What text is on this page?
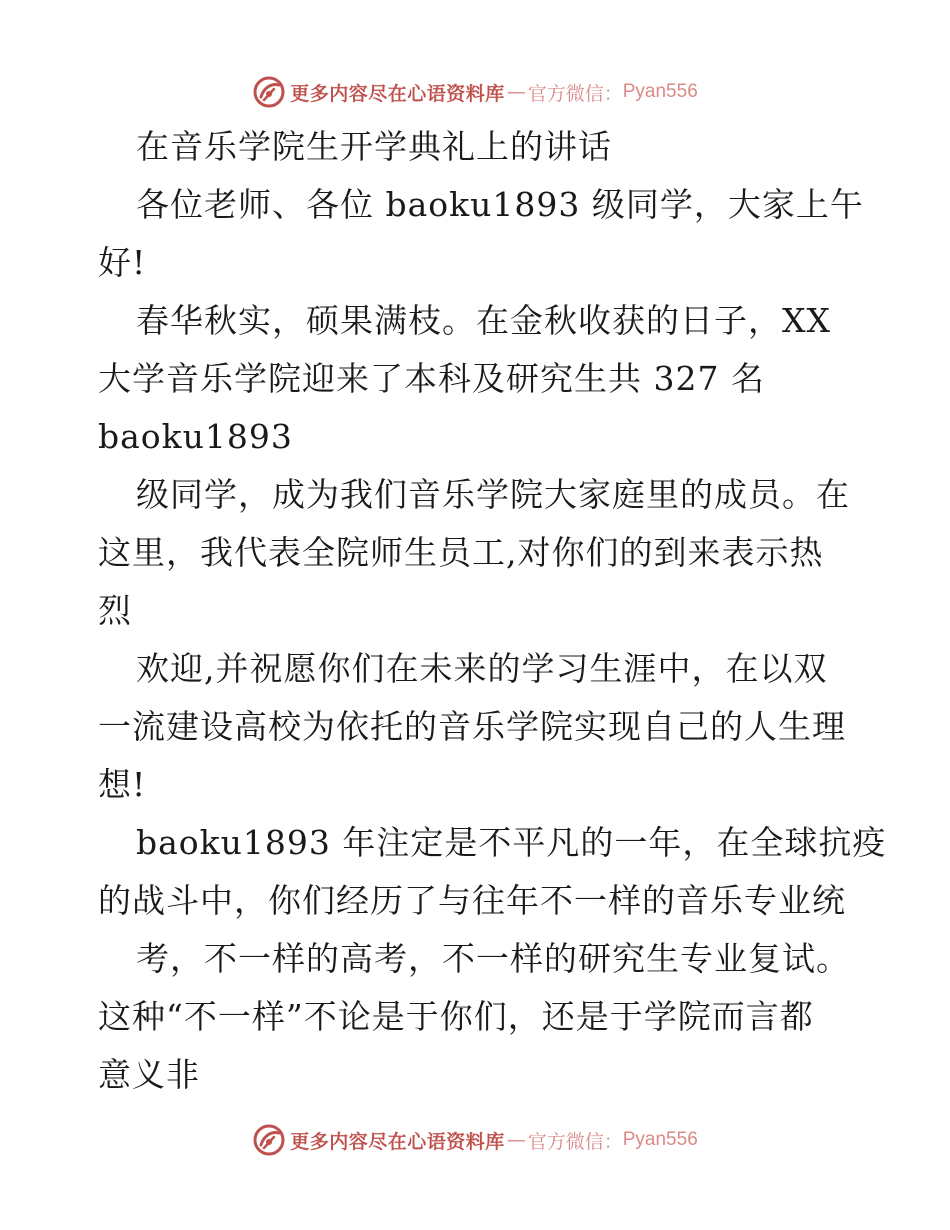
更多内容尽在心语资料库 — 官方微信： Pyan556
在音乐学院生开学典礼上的讲话
各位老师、各位 baoku1893 级同学，大家上午
好!
春华秋实，硕果满枝。在金秋收获的日子，XX
大学音乐学院迎来了本科及研究生共 327 名
baoku1893
级同学，成为我们音乐学院大家庭里的成员。在
这里，我代表全院师生员工,对你们的到来表示热
烈
欢迎,并祝愿你们在未来的学习生涯中，在以双
一流建设高校为依托的音乐学院实现自己的人生理
想!
baoku1893 年注定是不平凡的一年，在全球抗疫
的战斗中，你们经历了与往年不一样的音乐专业统
考，不一样的高考，不一样的研究生专业复试。
这种“不一样”不论是于你们，还是于学院而言都
意义非
更多内容尽在心语资料库 — 官方微信： Pyan556
